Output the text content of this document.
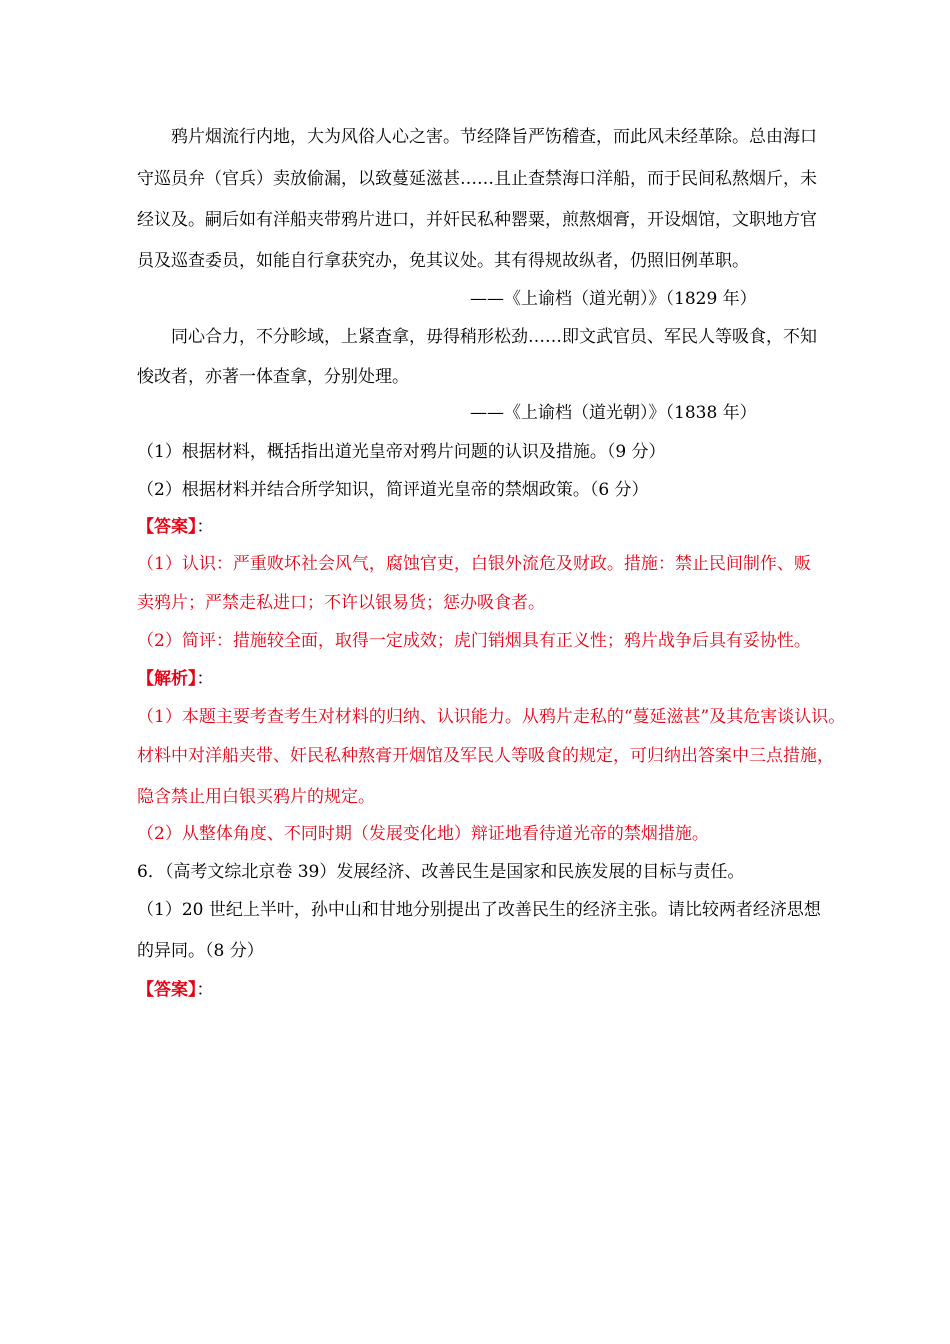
鸦片烟流行内地，大为风俗人心之害。节经降旨严饬稽查，而此风未经革除。总由海口
守巡员弁（官兵）卖放偷漏，以致蔓延滋甚……且止查禁海口洋船，而于民间私熬烟斤，未
经议及。嗣后如有洋船夹带鸦片进口，并奸民私种罂粟，煎熬烟膏，开设烟馆，文职地方官
员及巡查委员，如能自行拿获究办，免其议处。其有得规故纵者，仍照旧例革职。
——《上谕档（道光朝）》（1829 年）
同心合力，不分畛域，上紧查拿，毋得稍形松劲……即文武官员、军民人等吸食，不知
悛改者，亦著一体查拿，分别处理。
——《上谕档（道光朝）》（1838 年）
（1）根据材料，概括指出道光皇帝对鸦片问题的认识及措施。（9 分）
（2）根据材料并结合所学知识，简评道光皇帝的禁烟政策。（6 分）
【答案】：
（1）认识：严重败坏社会风气，腐蚀官吏，白银外流危及财政。措施：禁止民间制作、贩
卖鸦片；严禁走私进口；不许以银易货；惩办吸食者。
（2）简评：措施较全面，取得一定成效；虎门销烟具有正义性；鸦片战争后具有妥协性。
【解析】：
（1）本题主要考查考生对材料的归纳、认识能力。从鸦片走私的“蔓延滋甚”及其危害谈认识。
材料中对洋船夹带、奸民私种熬膏开烟馆及军民人等吸食的规定，可归纳出答案中三点措施，
隐含禁止用白银买鸦片的规定。
（2）从整体角度、不同时期（发展变化地）辩证地看待道光帝的禁烟措施。
6．（高考文综北京卷 39）发展经济、改善民生是国家和民族发展的目标与责任。
（1）20 世纪上半叶，孙中山和甘地分别提出了改善民生的经济主张。请比较两者经济思想
的异同。（8 分）
【答案】：
